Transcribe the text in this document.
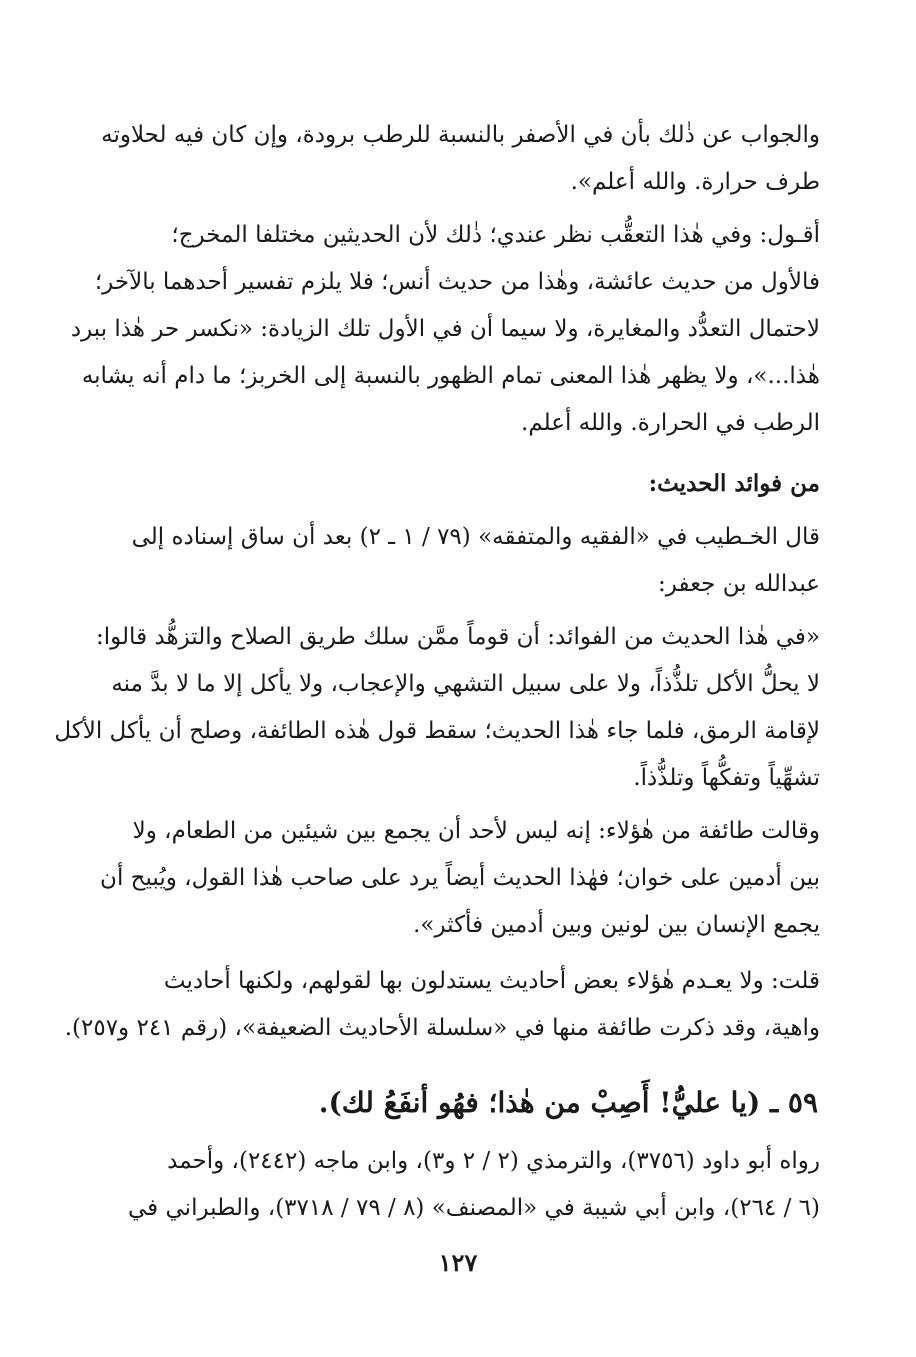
والجواب عن ذٰلك بأن في الأصفر بالنسبة للرطب برودة، وإن كان فيه لحلاوته
طرف حرارة. والله أعلم».
أقـول: وفي هٰذا التعقُّب نظر عندي؛ ذٰلك لأن الحديثين مختلفا المخرج؛
فالأول من حديث عائشة، وهٰذا من حديث أنس؛ فلا يلزم تفسير أحدهما بالآخر؛
لاحتمال التعدُّد والمغايرة، ولا سيما أن في الأول تلك الزيادة: «نكسر حر هٰذا ببرد
هٰذا...»، ولا يظهر هٰذا المعنى تمام الظهور بالنسبة إلى الخربز؛ ما دام أنه يشابه
الرطب في الحرارة. والله أعلم.
من فوائد الحديث:
قال الخـطيب في «الفقيه والمتفقه» (٧٩ / ١ ـ ٢) بعد أن ساق إسناده إلى
عبدالله بن جعفر:
«في هٰذا الحديث من الفوائد: أن قوماً ممَّن سلك طريق الصلاح والتزهُّد قالوا:
لا يحلُّ الأكل تلذُّذاً، ولا على سبيل التشهي والإعجاب، ولا يأكل إلا ما لا بدَّ منه
لإقامة الرمق، فلما جاء هٰذا الحديث؛ سقط قول هٰذه الطائفة، وصلح أن يأكل الأكل
تشهِّياً وتفكُّهاً وتلذُّذاً.
وقالت طائفة من هٰؤلاء: إنه ليس لأحد أن يجمع بين شيئين من الطعام، ولا
بين أدمين على خوان؛ فهٰذا الحديث أيضاً يرد على صاحب هٰذا القول، ويُبيح أن
يجمع الإنسان بين لونين وبين أدمين فأكثر».
قلت: ولا يعـدم هٰؤلاء بعض أحاديث يستدلون بها لقولهم، ولكنها أحاديث
واهية، وقد ذكرت طائفة منها في «سلسلة الأحاديث الضعيفة»، (رقم ٢٤١ و٢٥٧).
٥٩ ـ (يا عليُّ! أَصِبْ من هٰذا؛ فهُو أنفَعُ لك).
رواه أبو داود (٣٧٥٦)، والترمذي (٢ / ٢ و٣)، وابن ماجه (٢٤٤٢)، وأحمد
(٦ / ٢٦٤)، وابن أبي شيبة في «المصنف» (٨ / ٧٩ / ٣٧١٨)، والطبراني في
١٢٧
